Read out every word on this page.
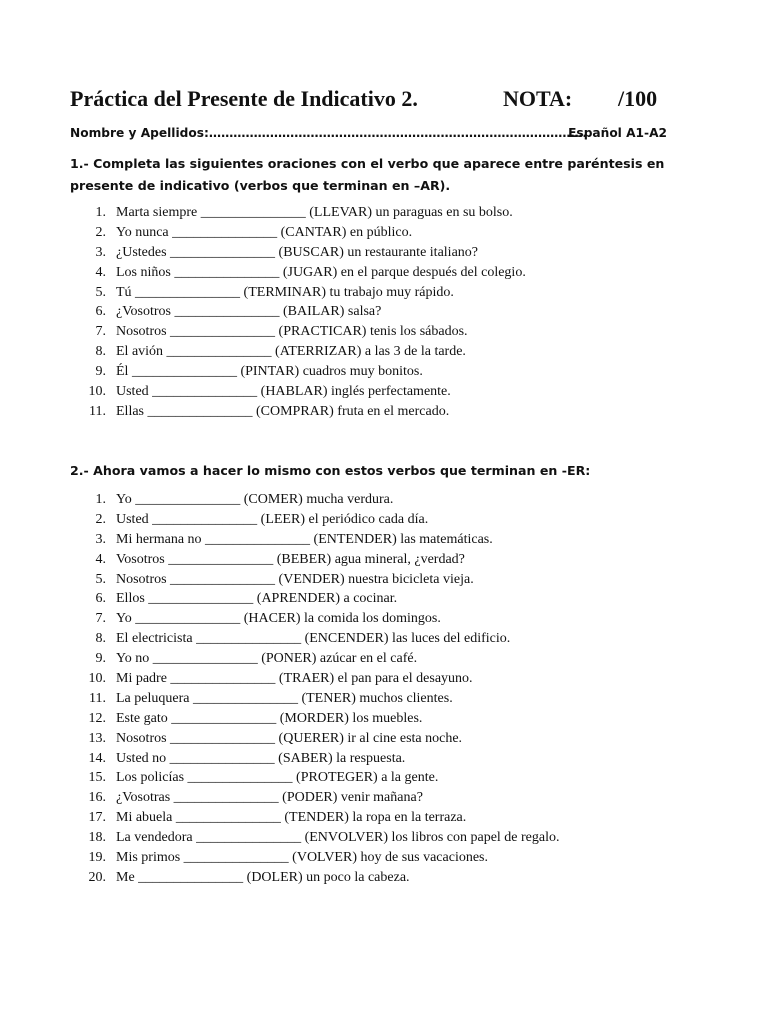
Práctica del Presente de Indicativo 2.	NOTA: /100
Nombre y Apellidos:…………………………………………………………………………………
Español A1-A2
1.- Completa las siguientes oraciones con el verbo que aparece entre paréntesis en presente de indicativo (verbos que terminan en –AR).
1. Marta siempre _______________ (LLEVAR) un paraguas en su bolso.
2. Yo nunca _______________ (CANTAR) en público.
3. ¿Ustedes _______________ (BUSCAR) un restaurante italiano?
4. Los niños _______________ (JUGAR) en el parque después del colegio.
5. Tú _______________ (TERMINAR) tu trabajo muy rápido.
6. ¿Vosotros _______________ (BAILAR) salsa?
7. Nosotros _______________ (PRACTICAR) tenis los sábados.
8. El avión _______________ (ATERRIZAR) a las 3 de la tarde.
9. Él _______________ (PINTAR) cuadros muy bonitos.
10. Usted _______________ (HABLAR) inglés perfectamente.
11. Ellas _______________ (COMPRAR) fruta en el mercado.
2.- Ahora vamos a hacer lo mismo con estos verbos que terminan en -ER:
1. Yo _______________ (COMER) mucha verdura.
2. Usted _______________ (LEER) el periódico cada día.
3. Mi hermana no _______________ (ENTENDER) las matemáticas.
4. Vosotros _______________ (BEBER) agua mineral, ¿verdad?
5. Nosotros _______________ (VENDER) nuestra bicicleta vieja.
6. Ellos _______________ (APRENDER) a cocinar.
7. Yo _______________ (HACER) la comida los domingos.
8. El electricista _______________ (ENCENDER) las luces del edificio.
9. Yo no _______________ (PONER) azúcar en el café.
10. Mi padre _______________ (TRAER) el pan para el desayuno.
11. La peluquera _______________ (TENER) muchos clientes.
12. Este gato _______________ (MORDER) los muebles.
13. Nosotros _______________ (QUERER) ir al cine esta noche.
14. Usted no _______________ (SABER) la respuesta.
15. Los policías _______________ (PROTEGER) a la gente.
16. ¿Vosotras _______________ (PODER) venir mañana?
17. Mi abuela _______________ (TENDER) la ropa en la terraza.
18. La vendedora _______________ (ENVOLVER) los libros con papel de regalo.
19. Mis primos _______________ (VOLVER) hoy de sus vacaciones.
20. Me _______________ (DOLER) un poco la cabeza.
